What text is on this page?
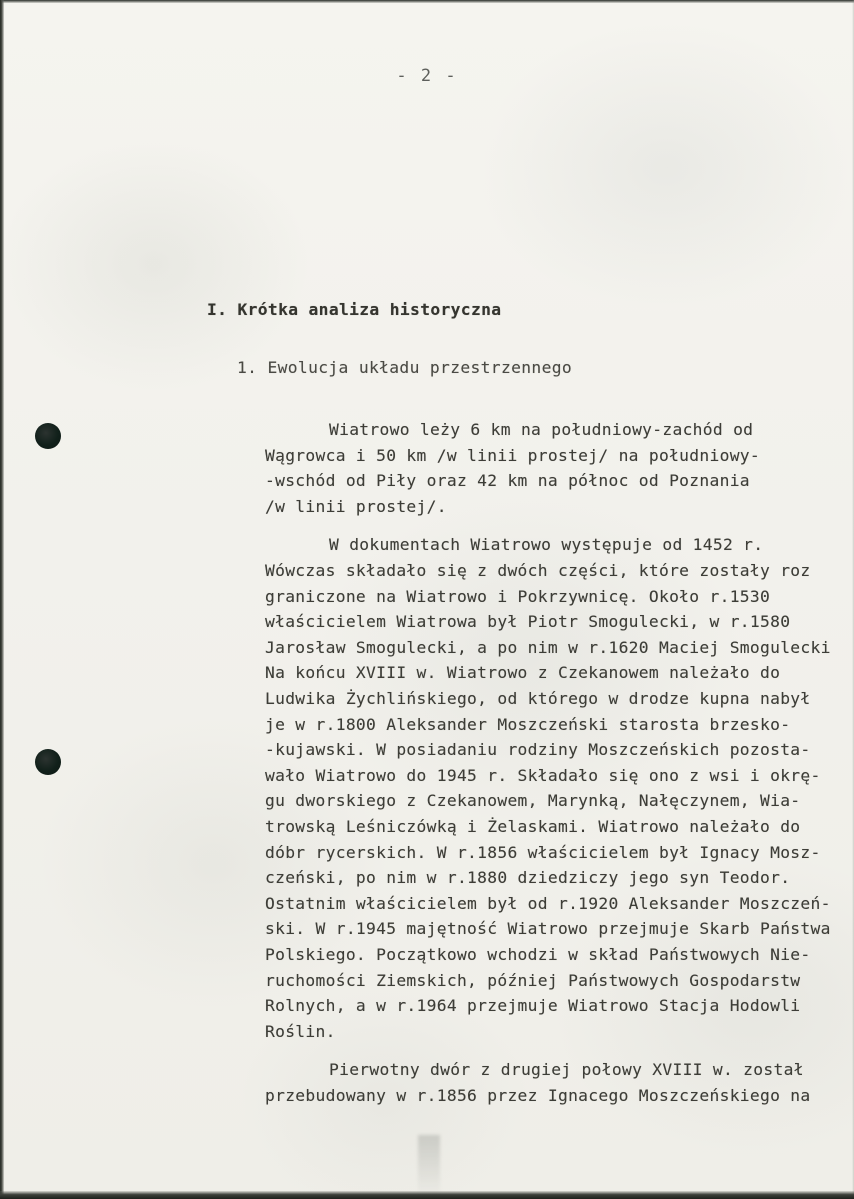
- 2 -
I. Krótka analiza historyczna
1. Ewolucja układu przestrzennego
Wiatrowo leży 6 km na południowy-zachód od
Wągrowca i 50 km /w linii prostej/ na południowy-
-wschód od Piły oraz 42 km na północ od Poznania
/w linii prostej/.
W dokumentach Wiatrowo występuje od 1452 r.
Wówczas składało się z dwóch części, które zostały roz
graniczone na Wiatrowo i Pokrzywnicę. Około r.1530
właścicielem Wiatrowa był Piotr Smogulecki, w r.1580
Jarosław Smogulecki, a po nim w r.1620 Maciej Smogulecki
Na końcu XVIII w. Wiatrowo z Czekanowem należało do
Ludwika Żychlińskiego, od którego w drodze kupna nabył
je w r.1800 Aleksander Moszczeński starosta brzesko-
-kujawski. W posiadaniu rodziny Moszczeńskich pozosta-
wało Wiatrowo do 1945 r. Składało się ono z wsi i okrę-
gu dworskiego z Czekanowem, Marynką, Nałęczynem, Wia-
trowską Leśniczówką i Żelaskami. Wiatrowo należało do
dóbr rycerskich. W r.1856 właścicielem był Ignacy Mosz-
czeński, po nim w r.1880 dziedziczy jego syn Teodor.
Ostatnim właścicielem był od r.1920 Aleksander Moszczeń-
ski. W r.1945 majętność Wiatrowo przejmuje Skarb Państwa
Polskiego. Początkowo wchodzi w skład Państwowych Nie-
ruchomości Ziemskich, później Państwowych Gospodarstw
Rolnych, a w r.1964 przejmuje Wiatrowo Stacja Hodowli
Roślin.
Pierwotny dwór z drugiej połowy XVIII w. został
przebudowany w r.1856 przez Ignacego Moszczeńskiego na
